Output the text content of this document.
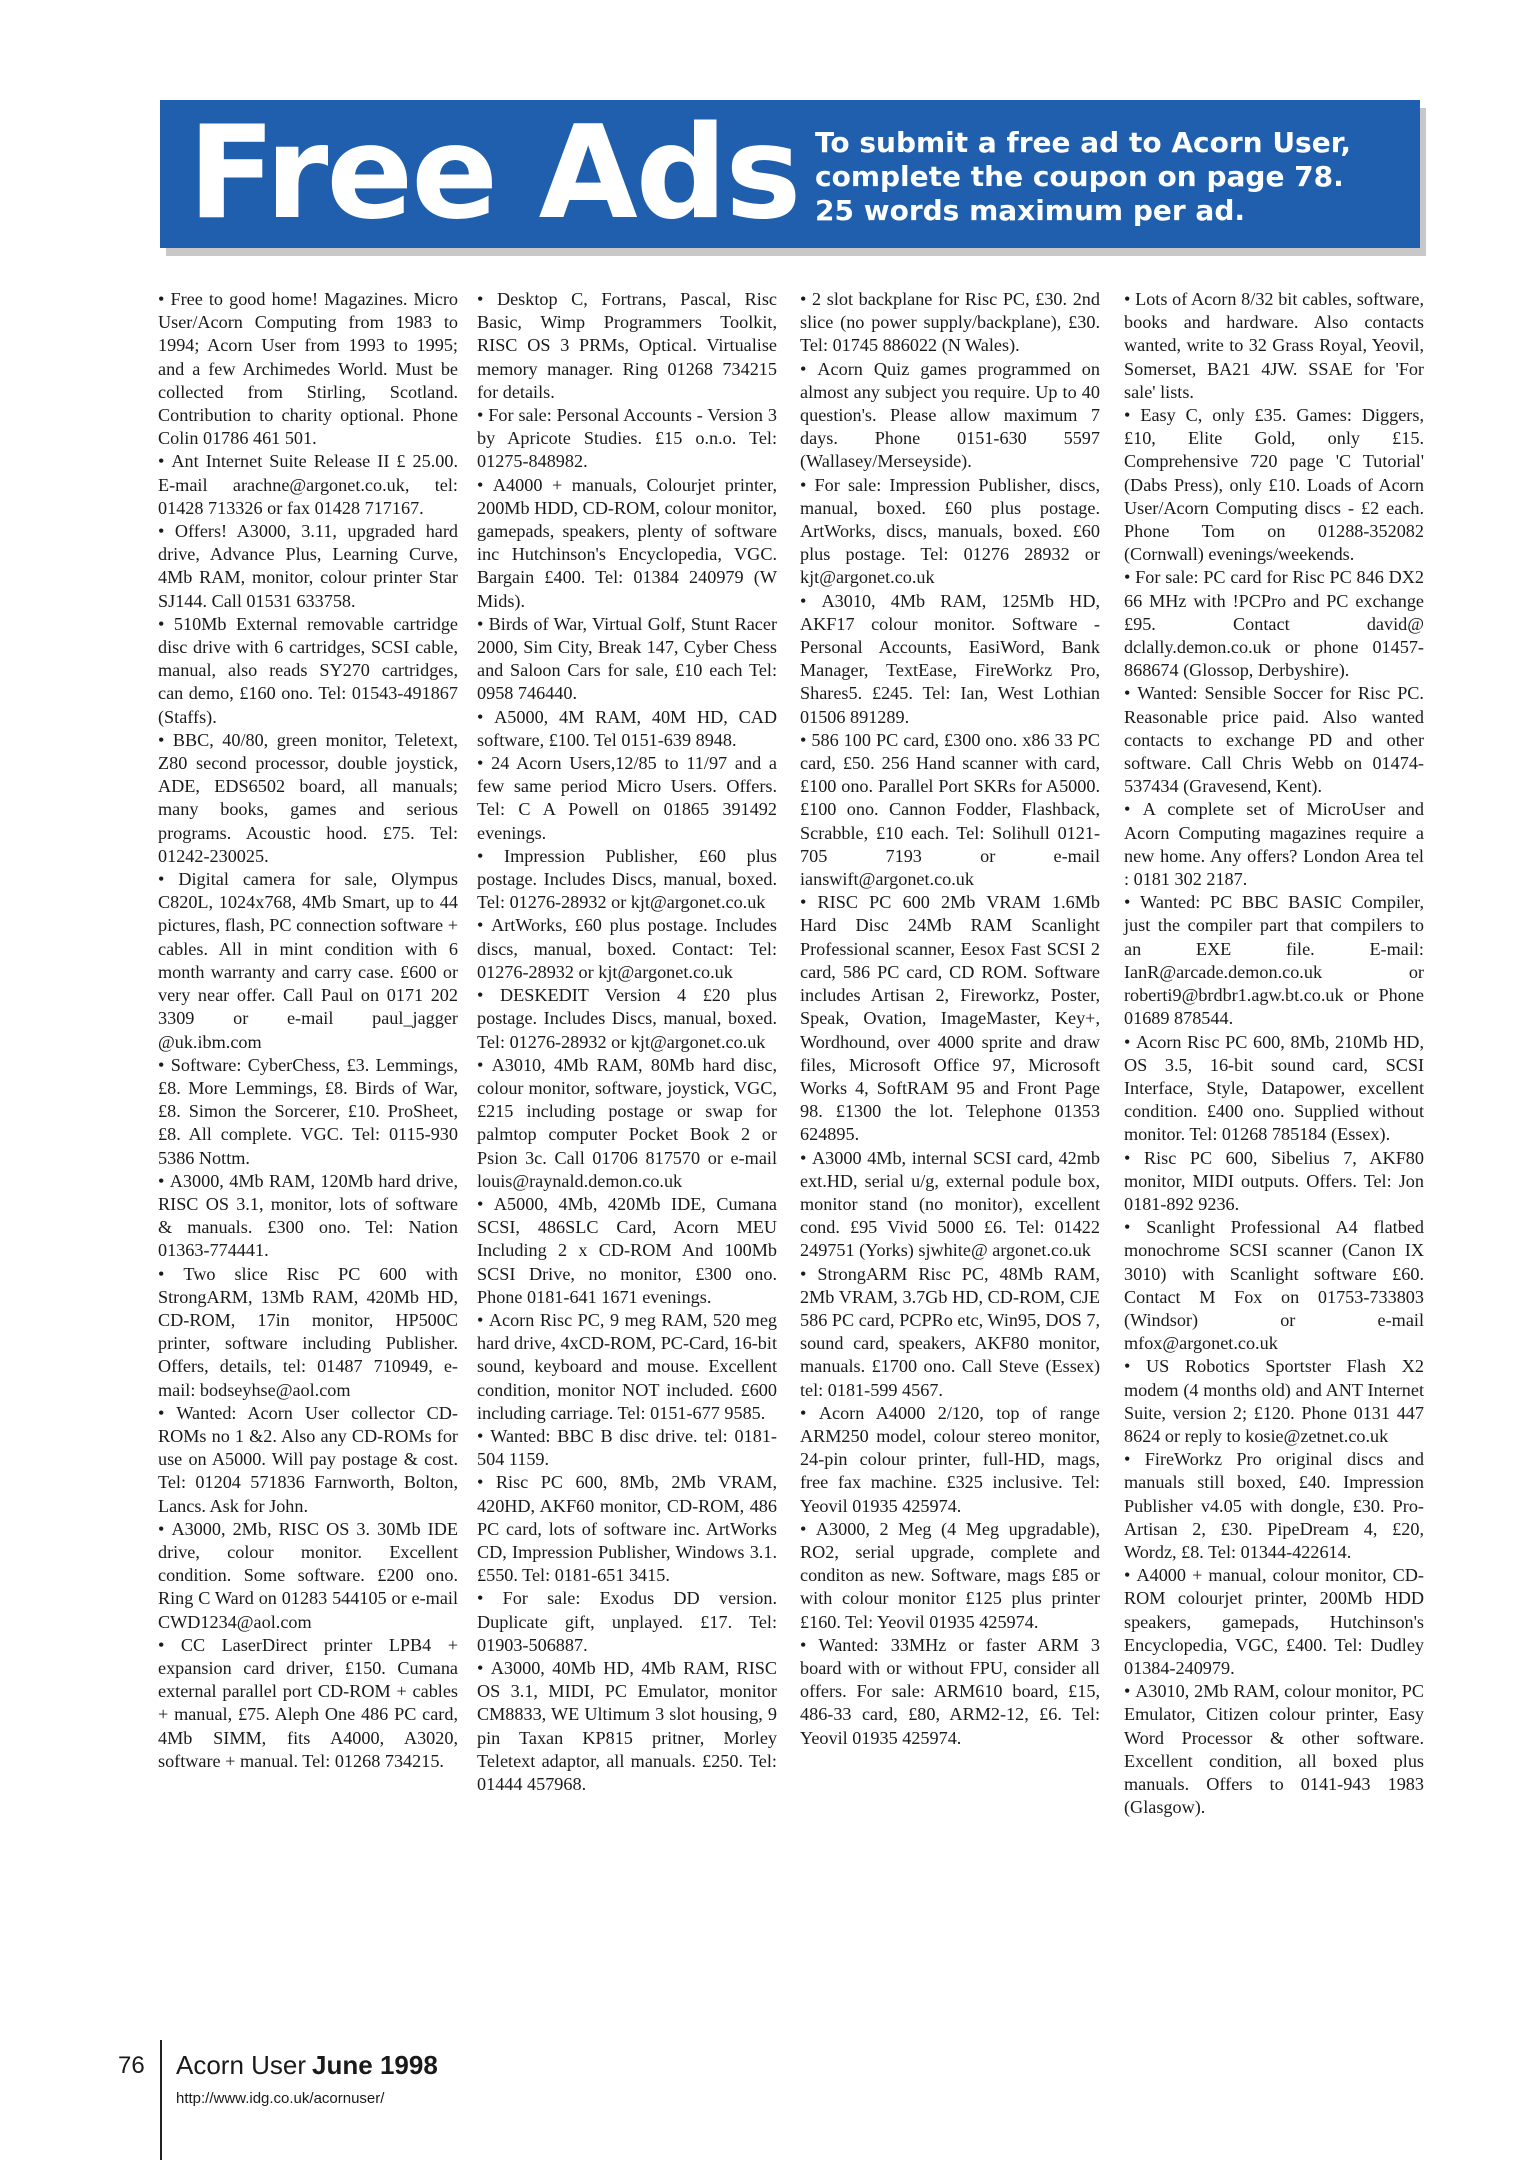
Free Ads To submit a free ad to Acorn User,
complete the coupon on page 78.
25 words maximum per ad.

• Free to good home! Magazines. Micro User/Acorn Computing from 1983 to 1994; Acorn User from 1993 to 1995; and a few Archimedes World. Must be collected from Stirling, Scotland. Contribution to charity optional. Phone Colin 01786 461 501.

• Ant Internet Suite Release II £ 25.00. E-mail arachne@argonet.co.uk, tel: 01428 713326 or fax 01428 717167.

• Offers! A3000, 3.11, upgraded hard drive, Advance Plus, Learning Curve, 4Mb RAM, monitor, colour printer Star SJ144. Call 01531 633758.

• 510Mb External removable cartridge disc drive with 6 cartridges, SCSI cable, manual, also reads SY270 cartridges, can demo, £160 ono. Tel: 01543-491867 (Staffs).

• BBC, 40/80, green monitor, Teletext, Z80 second processor, double joystick, ADE, EDS6502 board, all manuals; many books, games and serious programs. Acoustic hood. £75. Tel: 01242-230025.

• Digital camera for sale, Olympus C820L, 1024x768, 4Mb Smart, up to 44 pictures, flash, PC connection software + cables. All in mint condition with 6 month warranty and carry case. £600 or very near offer. Call Paul on 0171 202 3309 or e-mail paul_jagger @uk.ibm.com

• Software: CyberChess, £3. Lemmings, £8. More Lemmings, £8. Birds of War, £8. Simon the Sorcerer, £10. ProSheet, £8. All complete. VGC. Tel: 0115-930 5386 Nottm.

• A3000, 4Mb RAM, 120Mb hard drive, RISC OS 3.1, monitor, lots of software & manuals. £300 ono. Tel: Nation 01363-774441.

• Two slice Risc PC 600 with StrongARM, 13Mb RAM, 420Mb HD, CD-ROM, 17in monitor, HP500C printer, software including Publisher. Offers, details, tel: 01487 710949, e-mail: bodseyhse@aol.com

• Wanted: Acorn User collector CD-ROMs no 1 &2. Also any CD-ROMs for use on A5000. Will pay postage & cost. Tel: 01204 571836 Farnworth, Bolton, Lancs. Ask for John.

• A3000, 2Mb, RISC OS 3. 30Mb IDE drive, colour monitor. Excellent condition. Some software. £200 ono. Ring C Ward on 01283 544105 or e-mail CWD1234@aol.com

• CC LaserDirect printer LPB4 + expansion card driver, £150. Cumana external parallel port CD-ROM + cables + manual, £75. Aleph One 486 PC card, 4Mb SIMM, fits A4000, A3020, software + manual. Tel: 01268 734215.

• Desktop C, Fortrans, Pascal, Risc Basic, Wimp Programmers Toolkit, RISC OS 3 PRMs, Optical. Virtualise memory manager. Ring 01268 734215 for details.

• For sale: Personal Accounts - Version 3 by Apricote Studies. £15 o.n.o. Tel: 01275-848982.

• A4000 + manuals, Colourjet printer, 200Mb HDD, CD-ROM, colour monitor, gamepads, speakers, plenty of software inc Hutchinson's Encyclopedia, VGC. Bargain £400. Tel: 01384 240979 (W Mids).

• Birds of War, Virtual Golf, Stunt Racer 2000, Sim City, Break 147, Cyber Chess and Saloon Cars for sale, £10 each Tel: 0958 746440.

• A5000, 4M RAM, 40M HD, CAD software, £100. Tel 0151-639 8948.

• 24 Acorn Users,12/85 to 11/97 and a few same period Micro Users. Offers. Tel: C A Powell on 01865 391492 evenings.

• Impression Publisher, £60 plus postage. Includes Discs, manual, boxed. Tel: 01276-28932 or kjt@argonet.co.uk

• ArtWorks, £60 plus postage. Includes discs, manual, boxed. Contact: Tel: 01276-28932 or kjt@argonet.co.uk

• DESKEDIT Version 4 £20 plus postage. Includes Discs, manual, boxed. Tel: 01276-28932 or kjt@argonet.co.uk

• A3010, 4Mb RAM, 80Mb hard disc, colour monitor, software, joystick, VGC, £215 including postage or swap for palmtop computer Pocket Book 2 or Psion 3c. Call 01706 817570 or e-mail louis@raynald.demon.co.uk

• A5000, 4Mb, 420Mb IDE, Cumana SCSI, 486SLC Card, Acorn MEU Including 2 x CD-ROM And 100Mb SCSI Drive, no monitor, £300 ono. Phone 0181-641 1671 evenings.

• Acorn Risc PC, 9 meg RAM, 520 meg hard drive, 4xCD-ROM, PC-Card, 16-bit sound, keyboard and mouse. Excellent condition, monitor NOT included. £600 including carriage. Tel: 0151-677 9585.

• Wanted: BBC B disc drive. tel: 0181-504 1159.

• Risc PC 600, 8Mb, 2Mb VRAM, 420HD, AKF60 monitor, CD-ROM, 486 PC card, lots of software inc. ArtWorks CD, Impression Publisher, Windows 3.1. £550. Tel: 0181-651 3415.

• For sale: Exodus DD version. Duplicate gift, unplayed. £17. Tel: 01903-506887.

• A3000, 40Mb HD, 4Mb RAM, RISC OS 3.1, MIDI, PC Emulator, monitor CM8833, WE Ultimum 3 slot housing, 9 pin Taxan KP815 pritner, Morley Teletext adaptor, all manuals. £250. Tel: 01444 457968.

• 2 slot backplane for Risc PC, £30. 2nd slice (no power supply/backplane), £30. Tel: 01745 886022 (N Wales).

• Acorn Quiz games programmed on almost any subject you require. Up to 40 question's. Please allow maximum 7 days. Phone 0151-630 5597 (Wallasey/Merseyside).

• For sale: Impression Publisher, discs, manual, boxed. £60 plus postage. ArtWorks, discs, manuals, boxed. £60 plus postage. Tel: 01276 28932 or kjt@argonet.co.uk

• A3010, 4Mb RAM, 125Mb HD, AKF17 colour monitor. Software - Personal Accounts, EasiWord, Bank Manager, TextEase, FireWorkz Pro, Shares5. £245. Tel: Ian, West Lothian 01506 891289.

• 586 100 PC card, £300 ono. x86 33 PC card, £50. 256 Hand scanner with card, £100 ono. Parallel Port SKRs for A5000. £100 ono. Cannon Fodder, Flashback, Scrabble, £10 each. Tel: Solihull 0121-705 7193 or e-mail ianswift@argonet.co.uk

• RISC PC 600 2Mb VRAM 1.6Mb Hard Disc 24Mb RAM Scanlight Professional scanner, Eesox Fast SCSI 2 card, 586 PC card, CD ROM. Software includes Artisan 2, Fireworkz, Poster, Speak, Ovation, ImageMaster, Key+, Wordhound, over 4000 sprite and draw files, Microsoft Office 97, Microsoft Works 4, SoftRAM 95 and Front Page 98. £1300 the lot. Telephone 01353 624895.

• A3000 4Mb, internal SCSI card, 42mb ext.HD, serial u/g, external podule box, monitor stand (no monitor), excellent cond. £95 Vivid 5000 £6. Tel: 01422 249751 (Yorks) sjwhite@ argonet.co.uk

• StrongARM Risc PC, 48Mb RAM, 2Mb VRAM, 3.7Gb HD, CD-ROM, CJE 586 PC card, PCPRo etc, Win95, DOS 7, sound card, speakers, AKF80 monitor, manuals. £1700 ono. Call Steve (Essex) tel: 0181-599 4567.

• Acorn A4000 2/120, top of range ARM250 model, colour stereo monitor, 24-pin colour printer, full-HD, mags, free fax machine. £325 inclusive. Tel: Yeovil 01935 425974.

• A3000, 2 Meg (4 Meg upgradable), RO2, serial upgrade, complete and conditon as new. Software, mags £85 or with colour monitor £125 plus printer £160. Tel: Yeovil 01935 425974.

• Wanted: 33MHz or faster ARM 3 board with or without FPU, consider all offers. For sale: ARM610 board, £15, 486-33 card, £80, ARM2-12, £6. Tel: Yeovil 01935 425974.

• Lots of Acorn 8/32 bit cables, software, books and hardware. Also contacts wanted, write to 32 Grass Royal, Yeovil, Somerset, BA21 4JW. SSAE for 'For sale' lists.

• Easy C, only £35. Games: Diggers, £10, Elite Gold, only £15. Comprehensive 720 page 'C Tutorial' (Dabs Press), only £10. Loads of Acorn User/Acorn Computing discs - £2 each. Phone Tom on 01288-352082 (Cornwall) evenings/weekends.

• For sale: PC card for Risc PC 846 DX2 66 MHz with !PCPro and PC exchange £95. Contact david@ dclally.demon.co.uk or phone 01457-868674 (Glossop, Derbyshire).

• Wanted: Sensible Soccer for Risc PC. Reasonable price paid. Also wanted contacts to exchange PD and other software. Call Chris Webb on 01474-537434 (Gravesend, Kent).

• A complete set of MicroUser and Acorn Computing magazines require a new home. Any offers? London Area tel : 0181 302 2187.

• Wanted: PC BBC BASIC Compiler, just the compiler part that compilers to an EXE file. E-mail: IanR@arcade.demon.co.uk or roberti9@brdbr1.agw.bt.co.uk or Phone 01689 878544.

• Acorn Risc PC 600, 8Mb, 210Mb HD, OS 3.5, 16-bit sound card, SCSI Interface, Style, Datapower, excellent condition. £400 ono. Supplied without monitor. Tel: 01268 785184 (Essex).

• Risc PC 600, Sibelius 7, AKF80 monitor, MIDI outputs. Offers. Tel: Jon 0181-892 9236.

• Scanlight Professional A4 flatbed monochrome SCSI scanner (Canon IX 3010) with Scanlight software £60. Contact M Fox on 01753-733803 (Windsor) or e-mail mfox@argonet.co.uk

• US Robotics Sportster Flash X2 modem (4 months old) and ANT Internet Suite, version 2; £120. Phone 0131 447 8624 or reply to kosie@zetnet.co.uk

• FireWorkz Pro original discs and manuals still boxed, £40. Impression Publisher v4.05 with dongle, £30. Pro-Artisan 2, £30. PipeDream 4, £20, Wordz, £8. Tel: 01344-422614.

• A4000 + manual, colour monitor, CD-ROM colourjet printer, 200Mb HDD speakers, gamepads, Hutchinson's Encyclopedia, VGC, £400. Tel: Dudley 01384-240979.

• A3010, 2Mb RAM, colour monitor, PC Emulator, Citizen colour printer, Easy Word Processor & other software. Excellent condition, all boxed plus manuals. Offers to 0141-943 1983 (Glasgow).

76 Acorn User June 1998
http://www.idg.co.uk/acornuser/
